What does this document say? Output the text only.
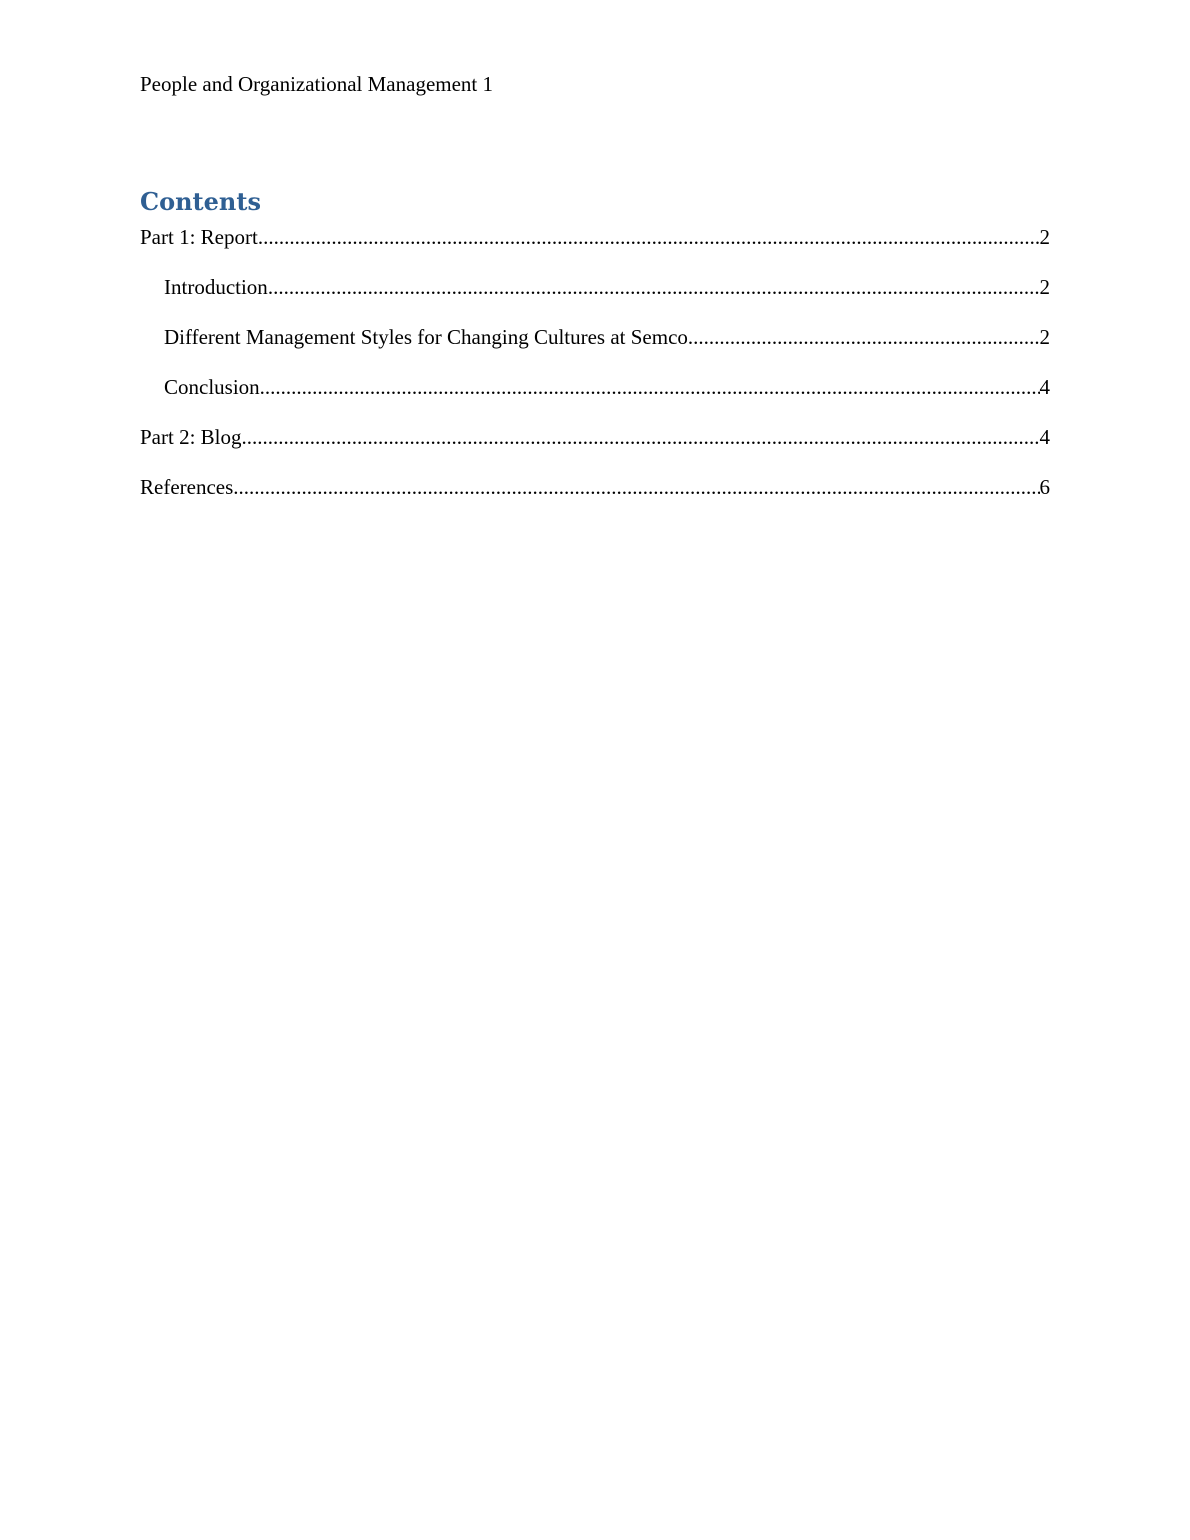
People and Organizational Management 1
Contents
Part 1: Report .....	2
Introduction .....	2
Different Management Styles for Changing Cultures at Semco .....	2
Conclusion .....	4
Part 2: Blog .....	4
References .....	6
